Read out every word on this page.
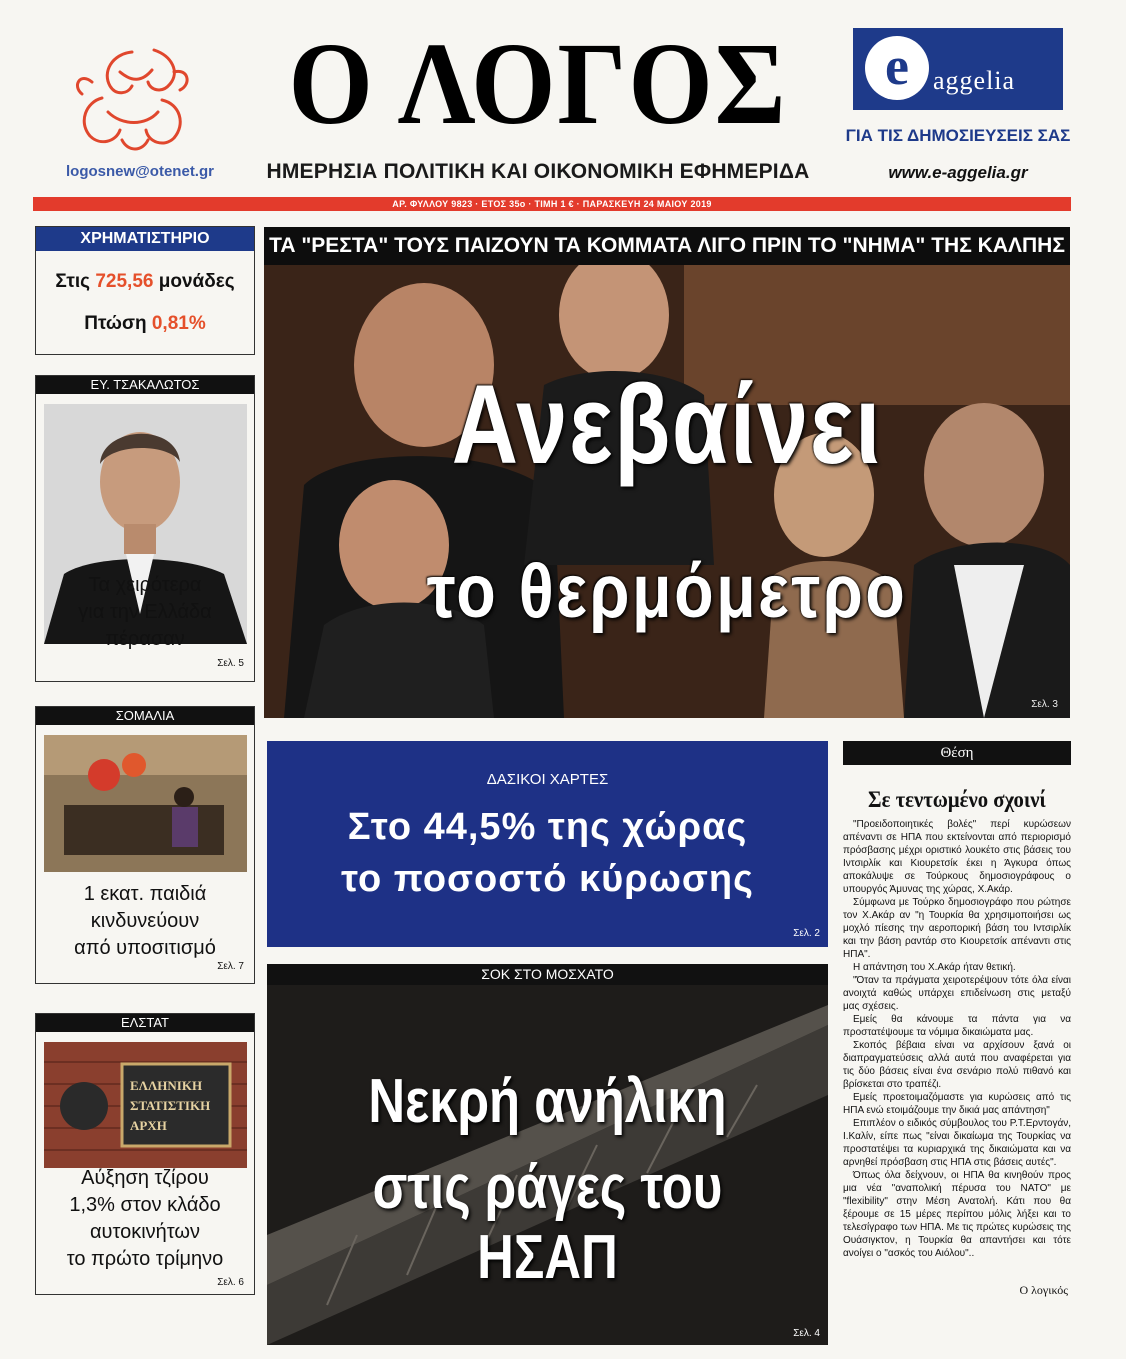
logosnew@otenet.gr
Ο ΛΟΓΟΣ
ΗΜΕΡΗΣΙΑ ΠΟΛΙΤΙΚΗ ΚΑΙ ΟΙΚΟΝΟΜΙΚΗ ΕΦΗΜΕΡΙΔΑ
e aggelia
ΓΙΑ ΤΙΣ ΔΗΜΟΣΙΕΥΣΕΙΣ ΣΑΣ
www.e-aggelia.gr
ΑΡ. ΦΥΛΛΟΥ 9823 · ΕΤΟΣ 35ο · ΤΙΜΗ 1 € · ΠΑΡΑΣΚΕΥΗ 24 ΜΑΙΟΥ 2019
ΧΡΗΜΑΤΙΣΤΗΡΙΟ
Στις 725,56 μονάδες
Πτώση 0,81%
ΕΥ. ΤΣΑΚΑΛΩΤΟΣ
Τα χειρότερα
για την Ελλάδα
πέρασαν
Σελ. 5
ΣΟΜΑΛΙΑ
1 εκατ. παιδιά
κινδυνεύουν
από υποσιτισμό
Σελ. 7
ΕΛΣΤΑΤ
ΕΛΛΗΝΙΚΗ
ΣΤΑΤΙΣΤΙΚΗ
ΑΡΧΗ
Αύξηση τζίρου
1,3% στον κλάδο
αυτοκινήτων
το πρώτο τρίμηνο
Σελ. 6
ΤΑ "ΡΕΣΤΑ" ΤΟΥΣ ΠΑΙΖΟΥΝ ΤΑ ΚΟΜΜΑΤΑ ΛΙΓΟ ΠΡΙΝ ΤΟ "ΝΗΜΑ" ΤΗΣ ΚΑΛΠΗΣ
Ανεβαίνει
το θερμόμετρο
Σελ. 3
ΔΑΣΙΚΟΙ ΧΑΡΤΕΣ
Στο 44,5% της χώρας
το ποσοστό κύρωσης
Σελ. 2
ΣΟΚ ΣΤΟ ΜΟΣΧΑΤΟ
Νεκρή ανήλικη
στις ράγες του ΗΣΑΠ
Σελ. 4
Θέση
Σε τεντωμένο σχοινί

"Προειδοποιητικές βολές" περί κυρώσεων απέναντι σε ΗΠΑ που εκτείνονται από περιορισμό πρόσβασης μέχρι οριστικό λουκέτο στις βάσεις του Ιντσιρλίκ και Κιουρετσίκ έκει η Άγκυρα όπως αποκάλυψε σε Τούρκους δημοσιογράφους ο υπουργός Άμυνας της χώρας, Χ.Ακάρ.

Σύμφωνα με Τούρκο δημοσιογράφο που ρώτησε τον Χ.Ακάρ αν "η Τουρκία θα χρησιμοποιήσει ως μοχλό πίεσης την αεροπορική βάση του Ιντσιρλίκ και την βάση ραντάρ στο Κιουρετσίκ απέναντι στις ΗΠΑ".

Η απάντηση του Χ.Ακάρ ήταν θετική.

"Όταν τα πράγματα χειροτερέψουν τότε όλα είναι ανοιχτά καθώς υπάρχει επιδείνωση στις μεταξύ μας σχέσεις.

Εμείς θα κάνουμε τα πάντα για να προστατέψουμε τα νόμιμα δικαιώματα μας.

Σκοπός βέβαια είναι να αρχίσουν ξανά οι διαπραγματεύσεις αλλά αυτά που αναφέρεται για τις δύο βάσεις είναι ένα σενάριο πολύ πιθανό και βρίσκεται στο τραπέζι.

Εμείς προετοιμαζόμαστε για κυρώσεις από τις ΗΠΑ ενώ ετοιμάζουμε την δικιά μας απάντηση"

Επιπλέον ο ειδικός σύμβουλος του Ρ.Τ.Ερντογάν, Ι.Καλίν, είπε πως "είναι δικαίωμα της Τουρκίας να προστατέψει τα κυριαρχικά της δικαιώματα και να αρνηθεί πρόσβαση στις ΗΠΑ στις βάσεις αυτές".

Όπως όλα δείχνουν, οι ΗΠΑ θα κινηθούν προς μια νέα "αναπολική πέρυσα του ΝΑΤΟ" με "flexibility" στην Μέση Ανατολή. Κάτι που θα ξέρουμε σε 15 μέρες περίπου μόλις λήξει και το τελεσίγραφο των ΗΠΑ. Με τις πρώτες κυρώσεις της Ουάσιγκτον, η Τουρκία θα απαντήσει και τότε ανοίγει ο "ασκός του Αιόλου"..

Ο λογικός
